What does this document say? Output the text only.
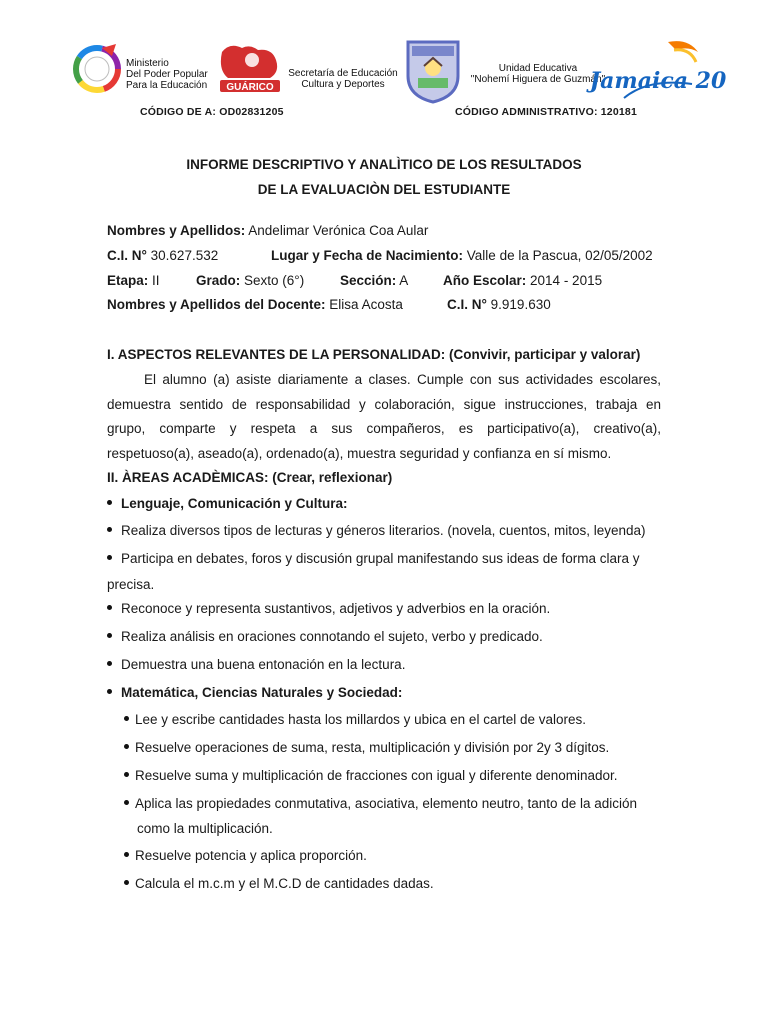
Ministerio
Del Poder Popular
Para la Educación GUÁRICO
Secretaría de Educación
Cultura y Deportes
Unidad Educativa
"Nohemí Higuera de Guzmán"
Jamaica 20
CÓDIGO DE A: OD02831205	CÓDIGO ADMINISTRATIVO: 120181
INFORME DESCRIPTIVO Y ANALÌTICO DE LOS RESULTADOS
DE LA EVALUACIÒN DEL ESTUDIANTE
Nombres y Apellidos: Andelimar Verónica Coa Aular
C.I. N° 30.627.532	Lugar y Fecha de Nacimiento: Valle de la Pascua, 02/05/2002
Etapa: II	Grado: Sexto (6°)	Sección: A	Año Escolar: 2014 - 2015
Nombres y Apellidos del Docente: Elisa Acosta	C.I. N° 9.919.630
I. ASPECTOS RELEVANTES DE LA PERSONALIDAD: (Convivir, participar y valorar)
El alumno (a) asiste diariamente a clases. Cumple con sus actividades escolares,
demuestra sentido de responsabilidad y colaboración, sigue instrucciones, trabaja en
grupo, comparte y respeta a sus compañeros, es participativo(a), creativo(a),
respetuoso(a), aseado(a), ordenado(a), muestra seguridad y confianza en sí mismo.
II. ÀREAS ACADÈMICAS: (Crear, reflexionar)
Lenguaje, Comunicación y Cultura:
Realiza diversos tipos de lecturas y géneros literarios. (novela, cuentos, mitos, leyenda)
Participa en debates, foros y discusión grupal manifestando sus ideas de forma clara y
precisa.
Reconoce y representa sustantivos, adjetivos y adverbios en la oración.
Realiza análisis en oraciones connotando el sujeto, verbo y predicado.
Demuestra una buena entonación en la lectura.
Matemática, Ciencias Naturales y Sociedad:
Lee y escribe cantidades hasta los millardos y ubica en el cartel de valores.
Resuelve operaciones de suma, resta, multiplicación y división por 2y 3 dígitos.
Resuelve suma y multiplicación de fracciones con igual y diferente denominador.
Aplica las propiedades conmutativa, asociativa, elemento neutro, tanto de la adición
como la multiplicación.
Resuelve potencia y aplica proporción.
Calcula el m.c.m y el M.C.D de cantidades dadas.
